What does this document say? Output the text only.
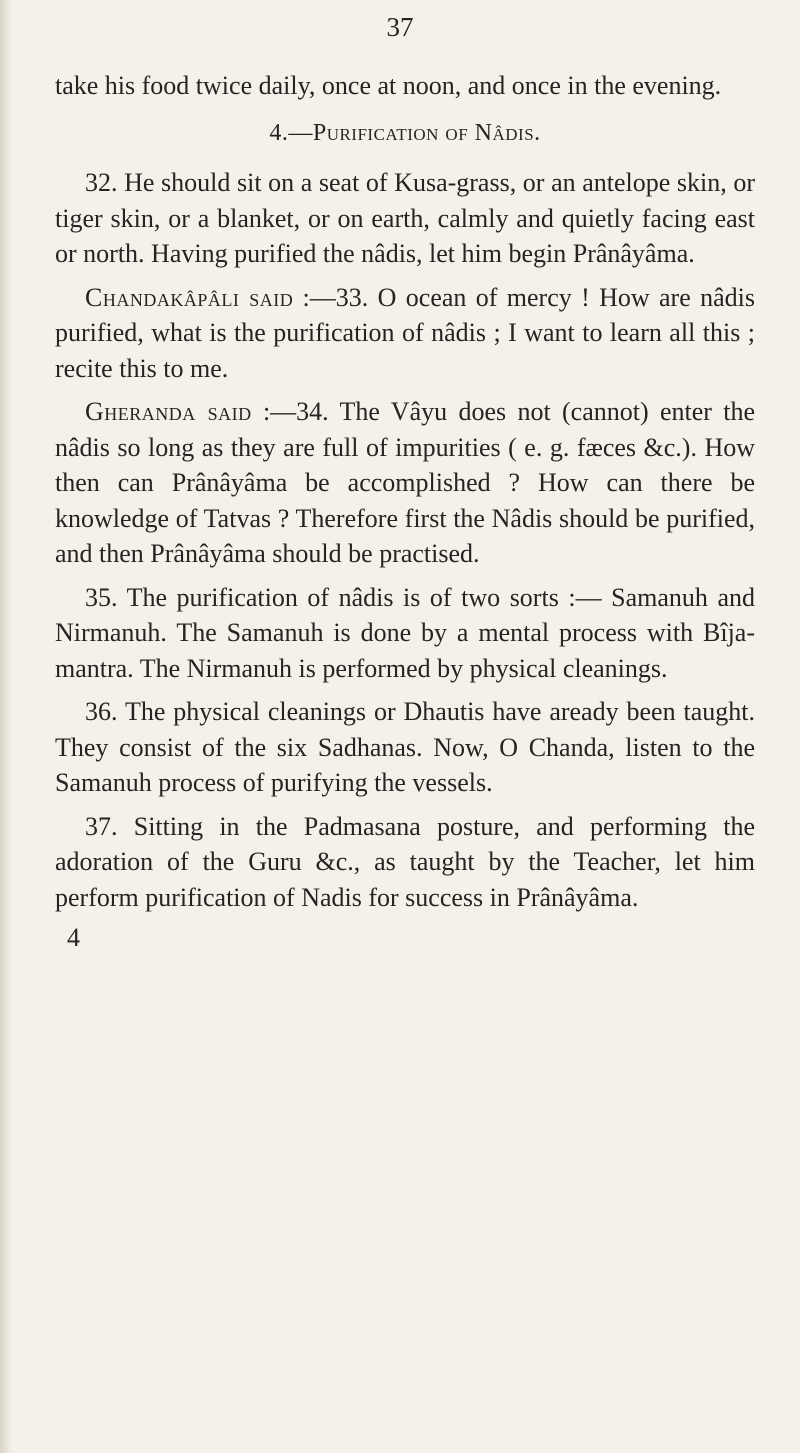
37

take his food twice daily, once at noon, and once in the evening.

4.—Purification of Nâdis.

32. He should sit on a seat of Kusa-grass, or an antelope skin, or tiger skin, or a blanket, or on earth, calmly and quietly facing east or north. Having purified the nâdis, let him begin Prânâyâma.

Chandakâpâli said :—33. O ocean of mercy ! How are nâdis purified, what is the purification of nâdis ; I want to learn all this ; recite this to me.

Gheranda said :—34. The Vâyu does not (cannot) enter the nâdis so long as they are full of impurities ( e. g. fæces &c.). How then can Prânâyâma be accomplished ? How can there be knowledge of Tatvas ? Therefore first the Nâdis should be purified, and then Prânâyâma should be practised.

35. The purification of nâdis is of two sorts :— Samanuh and Nirmanuh. The Samanuh is done by a mental process with Bîja-mantra. The Nirmanuh is performed by physical cleanings.

36. The physical cleanings or Dhautis have aready been taught. They consist of the six Sadhanas. Now, O Chanda, listen to the Samanuh process of purifying the vessels.

37. Sitting in the Padmasana posture, and performing the adoration of the Guru &c., as taught by the Teacher, let him perform purification of Nadis for success in Prânâyâma.

4
